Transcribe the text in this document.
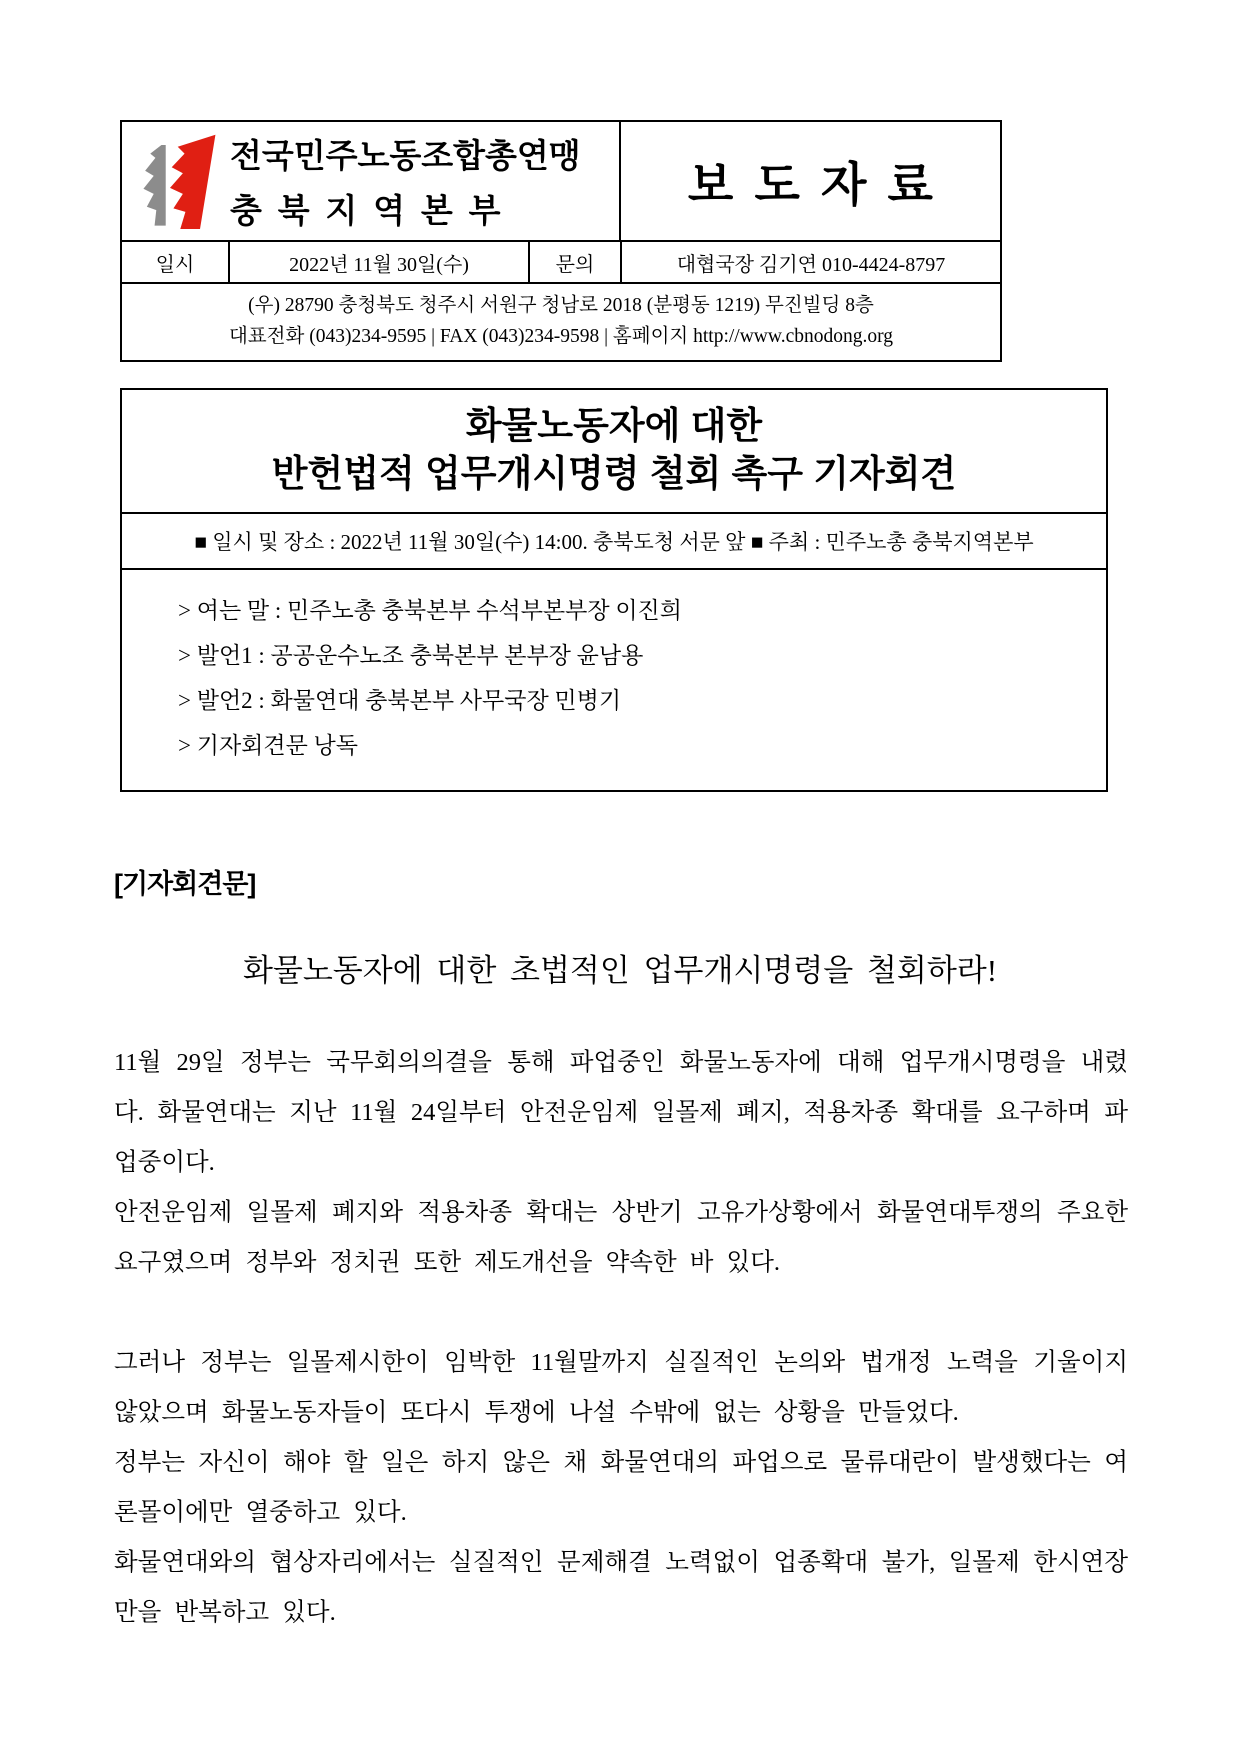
전국민주노동조합총연맹
충북지역본부	보도자료
일시	2022년 11월 30일(수)	문의	대협국장 김기연 010-4424-8797
(우) 28790 충청북도 청주시 서원구 청남로 2018 (분평동 1219) 무진빌딩 8층
대표전화 (043)234-9595 | FAX (043)234-9598 | 홈페이지 http://www.cbnodong.org
화물노동자에 대한
반헌법적 업무개시명령 철회 촉구 기자회견
■ 일시 및 장소 : 2022년 11월 30일(수) 14:00. 충북도청 서문 앞 ■ 주최 : 민주노총 충북지역본부
> 여는 말 : 민주노총 충북본부 수석부본부장 이진희
> 발언1 : 공공운수노조 충북본부 본부장 윤남용
> 발언2 : 화물연대 충북본부 사무국장 민병기
> 기자회견문 낭독
[기자회견문]
화물노동자에 대한 초법적인 업무개시명령을 철회하라!

11월 29일 정부는 국무회의의결을 통해 파업중인 화물노동자에 대해 업무개시명령을 내렸다. 화물연대는 지난 11월 24일부터 안전운임제 일몰제 폐지, 적용차종 확대를 요구하며 파업중이다.

안전운임제 일몰제 폐지와 적용차종 확대는 상반기 고유가상황에서 화물연대투쟁의 주요한 요구였으며 정부와 정치권 또한 제도개선을 약속한 바 있다.

그러나 정부는 일몰제시한이 임박한 11월말까지 실질적인 논의와 법개정 노력을 기울이지 않았으며 화물노동자들이 또다시 투쟁에 나설 수밖에 없는 상황을 만들었다.

정부는 자신이 해야 할 일은 하지 않은 채 화물연대의 파업으로 물류대란이 발생했다는 여론몰이에만 열중하고 있다.

화물연대와의 협상자리에서는 실질적인 문제해결 노력없이 업종확대 불가, 일몰제 한시연장만을 반복하고 있다.
